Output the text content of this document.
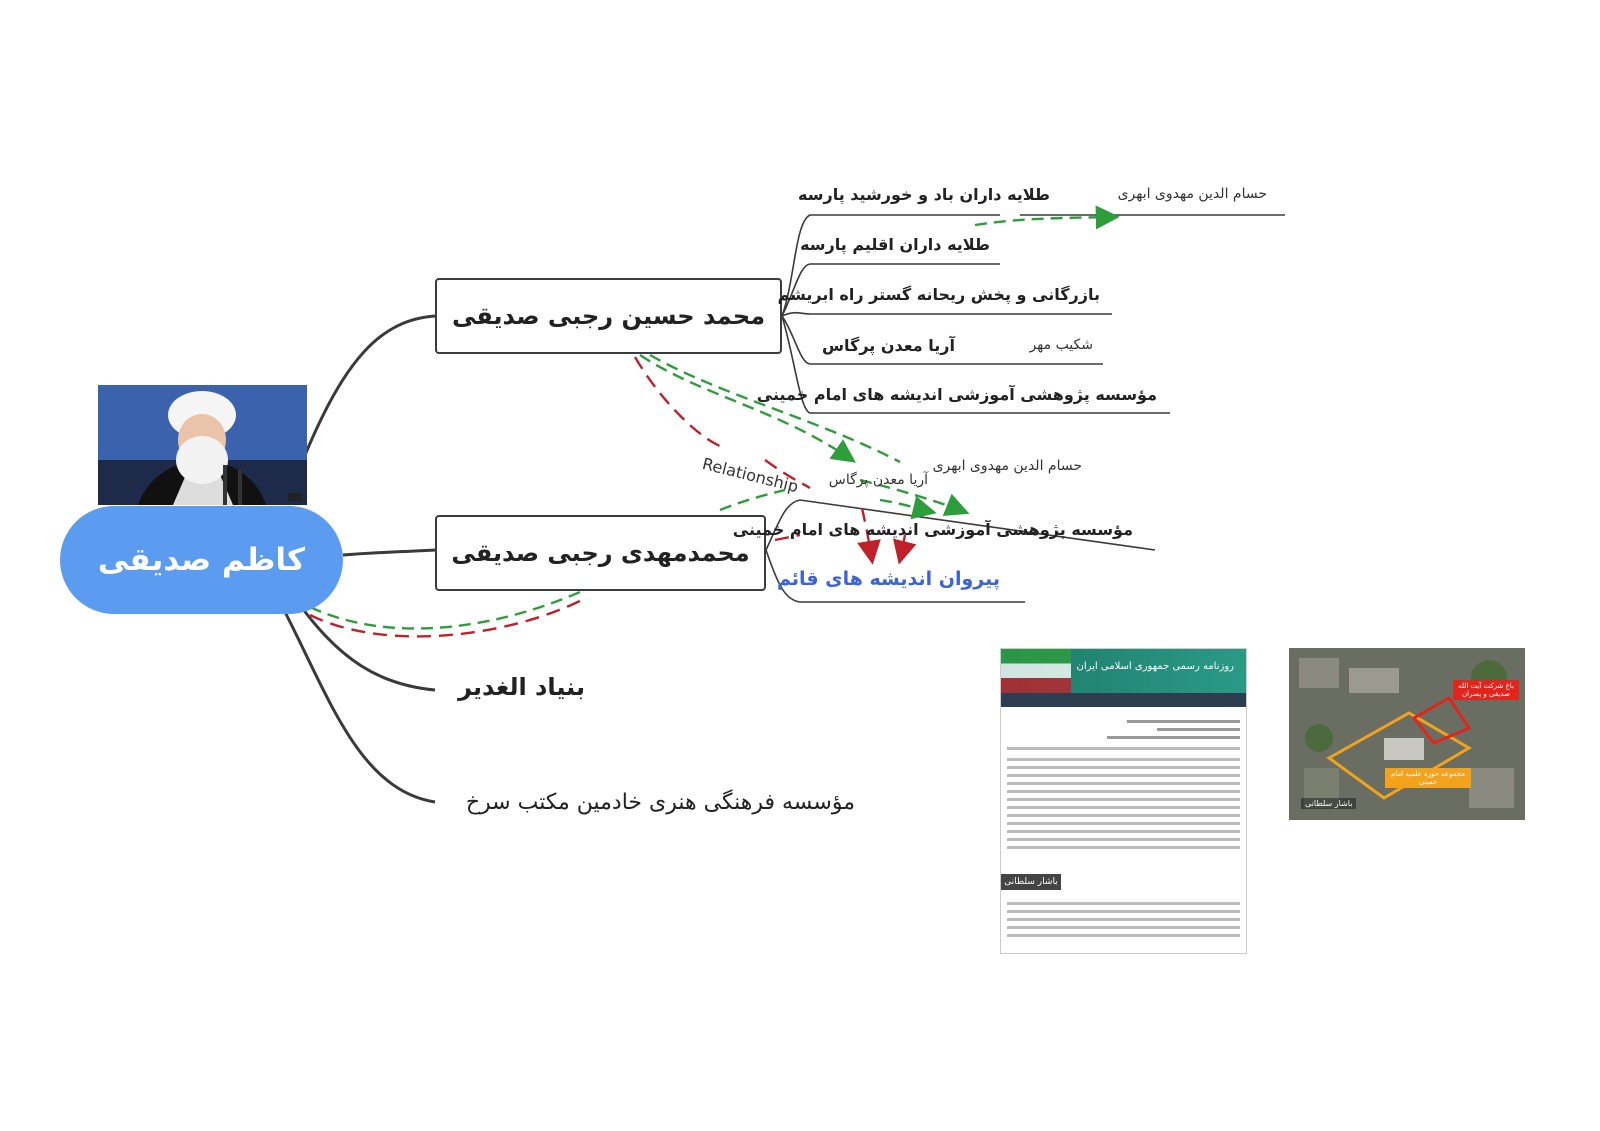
کاظم صدیقی
محمد حسین رجبی صدیقی
محمدمهدی رجبی صدیقی
بنیاد الغدیر
مؤسسه فرهنگی هنری خادمین مکتب سرخ
طلایه داران باد و خورشید پارسه	حسام الدین مهدوی ابهری
طلایه داران اقلیم پارسه
بازرگانی و پخش ریحانه گستر راه ابریشم
آریا معدن پرگاس	شکیب مهر
مؤسسه پژوهشی آموزشی اندیشه های امام خمینی
حسام الدین مهدوی ابهری
آریا معدن پرگاس
Relationship
مؤسسه پژوهشی آموزشی اندیشه های امام خمینی
پیروان اندیشه های قائم
روزنامه رسمی جمهوری اسلامی ایران
باشار سلطانی
باغ شرکت آیت الله صدیقی و پسران
مجموعه حوزه علمیه امام خمینی
باشار سلطانی
